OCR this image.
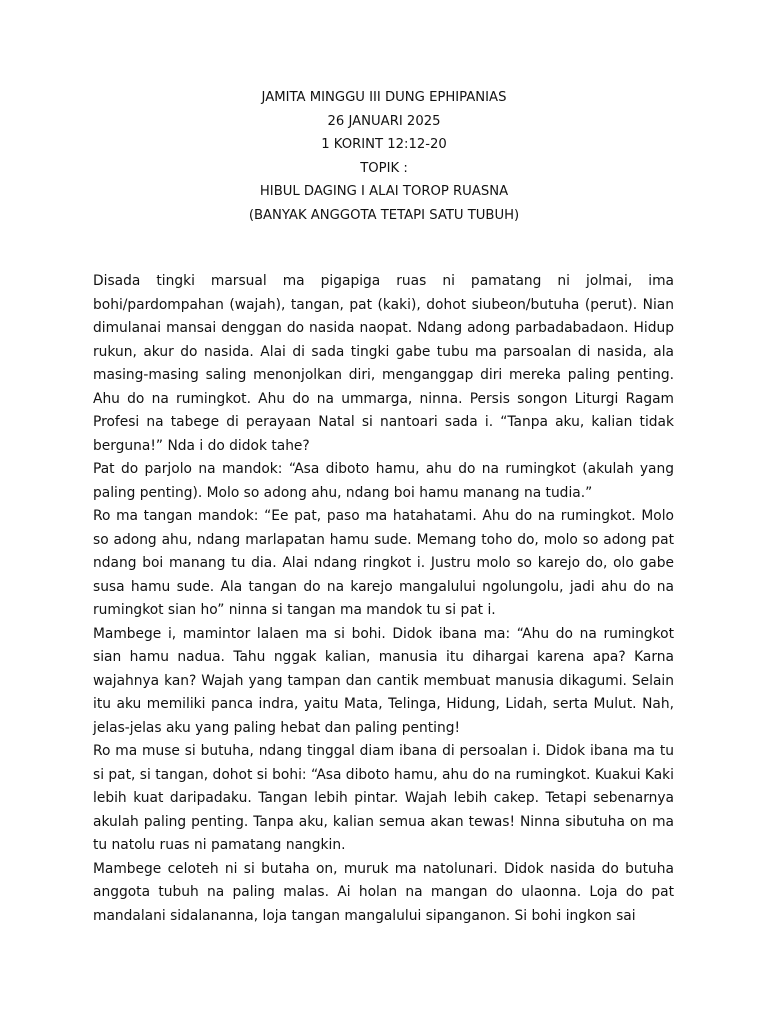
JAMITA MINGGU III DUNG EPHIPANIAS
26 JANUARI 2025
1 KORINT 12:12-20
TOPIK :
HIBUL DAGING I ALAI TOROP RUASNA
(BANYAK ANGGOTA TETAPI SATU TUBUH)

Disada tingki marsual ma pigapiga ruas ni pamatang ni jolmai, ima bohi/pardompahan (wajah), tangan, pat (kaki), dohot siubeon/butuha (perut). Nian dimulanai mansai denggan do nasida naopat. Ndang adong parbadabadaon. Hidup rukun, akur do nasida. Alai di sada tingki gabe tubu ma parsoalan di nasida, ala masing-masing saling menonjolkan diri, menganggap diri mereka paling penting. Ahu do na rumingkot. Ahu do na ummarga, ninna. Persis songon Liturgi Ragam Profesi na tabege di perayaan Natal si nantoari sada i. “Tanpa aku, kalian tidak berguna!” Nda i do didok tahe?

Pat do parjolo na mandok: “Asa diboto hamu, ahu do na rumingkot (akulah yang paling penting). Molo so adong ahu, ndang boi hamu manang na tudia.”

Ro ma tangan mandok: “Ee pat, paso ma hatahatami. Ahu do na rumingkot. Molo so adong ahu, ndang marlapatan hamu sude. Memang toho do, molo so adong pat ndang boi manang tu dia. Alai ndang ringkot i. Justru molo so karejo do, olo gabe susa hamu sude. Ala tangan do na karejo mangalului ngolungolu, jadi ahu do na rumingkot sian ho” ninna si tangan ma mandok tu si pat i.

Mambege i, mamintor lalaen ma si bohi. Didok ibana ma: “Ahu do na rumingkot sian hamu nadua. Tahu nggak kalian, manusia itu dihargai karena apa? Karna wajahnya kan? Wajah yang tampan dan cantik membuat manusia dikagumi. Selain itu aku memiliki panca indra, yaitu Mata, Telinga, Hidung, Lidah, serta Mulut. Nah, jelas-jelas aku yang paling hebat dan paling penting!

Ro ma muse si butuha, ndang tinggal diam ibana di persoalan i. Didok ibana ma tu si pat, si tangan, dohot si bohi: “Asa diboto hamu, ahu do na rumingkot. Kuakui Kaki lebih kuat daripadaku. Tangan lebih pintar. Wajah lebih cakep. Tetapi sebenarnya akulah paling penting. Tanpa aku, kalian semua akan tewas! Ninna sibutuha on ma tu natolu ruas ni pamatang nangkin.

Mambege celoteh ni si butaha on, muruk ma natolunari. Didok nasida do butuha anggota tubuh na paling malas. Ai holan na mangan do ulaonna. Loja do pat mandalani sidalananna, loja tangan mangalului sipanganon. Si bohi ingkon sai
